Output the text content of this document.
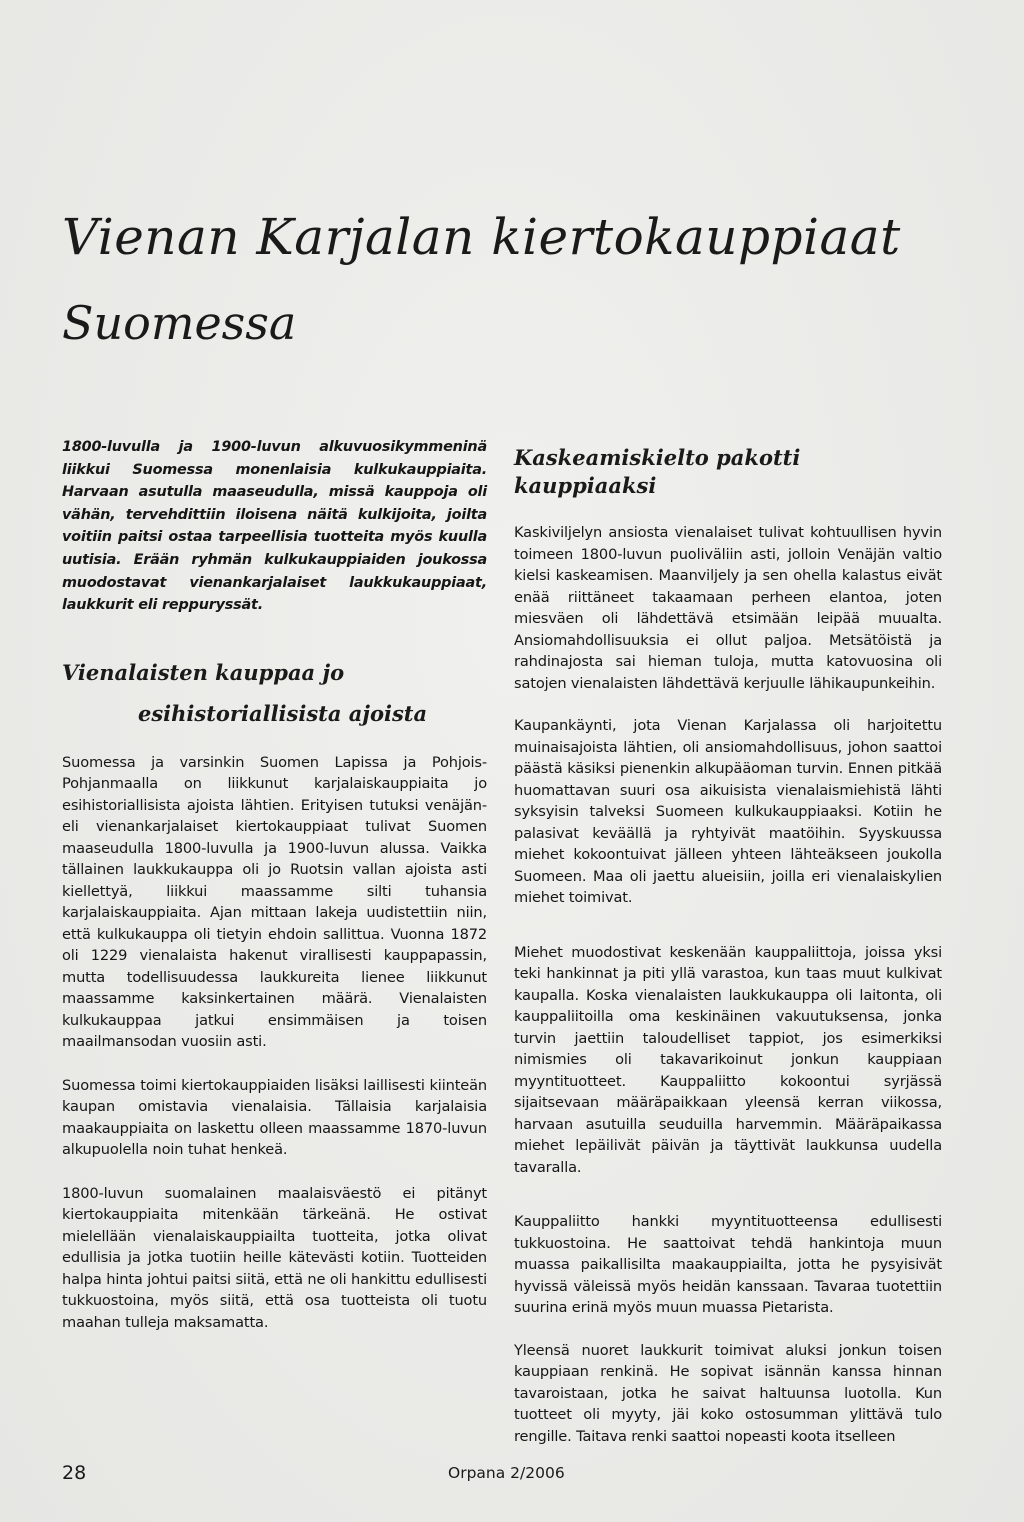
Vienan Karjalan kiertokauppiaat
Suomessa

1800-luvulla ja 1900-luvun alkuvuosikymmeninä liikkui Suomessa monenlaisia kulkukauppiaita. Harvaan asutulla maaseudulla, missä kauppoja oli vähän, tervehdittiin iloisena näitä kulkijoita, joilta voitiin paitsi ostaa tarpeellisia tuotteita myös kuulla uutisia. Erään ryhmän kulkukauppiaiden joukossa muodostavat vienankarjalaiset laukkukauppiaat, laukkurit eli reppuryssät.

Vienalaisten kauppaa jo
esihistoriallisista ajoista

Suomessa ja varsinkin Suomen Lapissa ja Pohjois-Pohjanmaalla on liikkunut karjalaiskauppiaita jo esihistoriallisista ajoista lähtien. Erityisen tutuksi venäjän- eli vienankarjalaiset kiertokauppiaat tulivat Suomen maaseudulla 1800-luvulla ja 1900-luvun alussa. Vaikka tällainen laukkukauppa oli jo Ruotsin vallan ajoista asti kiellettyä, liikkui maassamme silti tuhansia karjalaiskauppiaita. Ajan mittaan lakeja uudistettiin niin, että kulkukauppa oli tietyin ehdoin sallittua. Vuonna 1872 oli 1229 vienalaista hakenut virallisesti kauppapassin, mutta todellisuudessa laukkureita lienee liikkunut maassamme kaksinkertainen määrä. Vienalaisten kulkukauppaa jatkui ensimmäisen ja toisen maailmansodan vuosiin asti.

Suomessa toimi kiertokauppiaiden lisäksi laillisesti kiinteän kaupan omistavia vienalaisia. Tällaisia karjalaisia maakauppiaita on laskettu olleen maassamme 1870-luvun alkupuolella noin tuhat henkeä.

1800-luvun suomalainen maalaisväestö ei pitänyt kiertokauppiaita mitenkään tärkeänä. He ostivat mielellään vienalaiskauppiailta tuotteita, jotka olivat edullisia ja jotka tuotiin heille kätevästi kotiin. Tuotteiden halpa hinta johtui paitsi siitä, että ne oli hankittu edullisesti tukkuostoina, myös siitä, että osa tuotteista oli tuotu maahan tulleja maksamatta.

Kaskeamiskielto pakotti kauppiaaksi

Kaskiviljelyn ansiosta vienalaiset tulivat kohtuullisen hyvin toimeen 1800-luvun puoliväliin asti, jolloin Venäjän valtio kielsi kaskeamisen. Maanviljely ja sen ohella kalastus eivät enää riittäneet takaamaan perheen elantoa, joten miesväen oli lähdettävä etsimään leipää muualta. Ansiomahdollisuuksia ei ollut paljoa. Metsätöistä ja rahdinajosta sai hieman tuloja, mutta katovuosina oli satojen vienalaisten lähdettävä kerjuulle lähikaupunkeihin.

Kaupankäynti, jota Vienan Karjalassa oli harjoitettu muinaisajoista lähtien, oli ansiomahdollisuus, johon saattoi päästä käsiksi pienenkin alkupääoman turvin. Ennen pitkää huomattavan suuri osa aikuisista vienalaismiehistä lähti syksyisin talveksi Suomeen kulkukauppiaaksi. Kotiin he palasivat keväällä ja ryhtyivät maatöihin. Syyskuussa miehet kokoontuivat jälleen yhteen lähteäkseen joukolla Suomeen. Maa oli jaettu alueisiin, joilla eri vienalaiskylien miehet toimivat.

Miehet muodostivat keskenään kauppaliittoja, joissa yksi teki hankinnat ja piti yllä varastoa, kun taas muut kulkivat kaupalla. Koska vienalaisten laukkukauppa oli laitonta, oli kauppaliitoilla oma keskinäinen vakuutuksensa, jonka turvin jaettiin taloudelliset tappiot, jos esimerkiksi nimismies oli takavarikoinut jonkun kauppiaan myyntituotteet. Kauppaliitto kokoontui syrjässä sijaitsevaan määräpaikkaan yleensä kerran viikossa, harvaan asutuilla seuduilla harvemmin. Määräpaikassa miehet lepäilivät päivän ja täyttivät laukkunsa uudella tavaralla.

Kauppaliitto hankki myyntituotteensa edullisesti tukkuostoina. He saattoivat tehdä hankintoja muun muassa paikallisilta maakauppiailta, jotta he pysyisivät hyvissä väleissä myös heidän kanssaan. Tavaraa tuotettiin suurina erinä myös muun muassa Pietarista.

Yleensä nuoret laukkurit toimivat aluksi jonkun toisen kauppiaan renkinä. He sopivat isännän kanssa hinnan tavaroistaan, jotka he saivat haltuunsa luotolla. Kun tuotteet oli myyty, jäi koko ostosumman ylittävä tulo rengille. Taitava renki saattoi nopeasti koota itselleen

28	Orpana 2/2006
